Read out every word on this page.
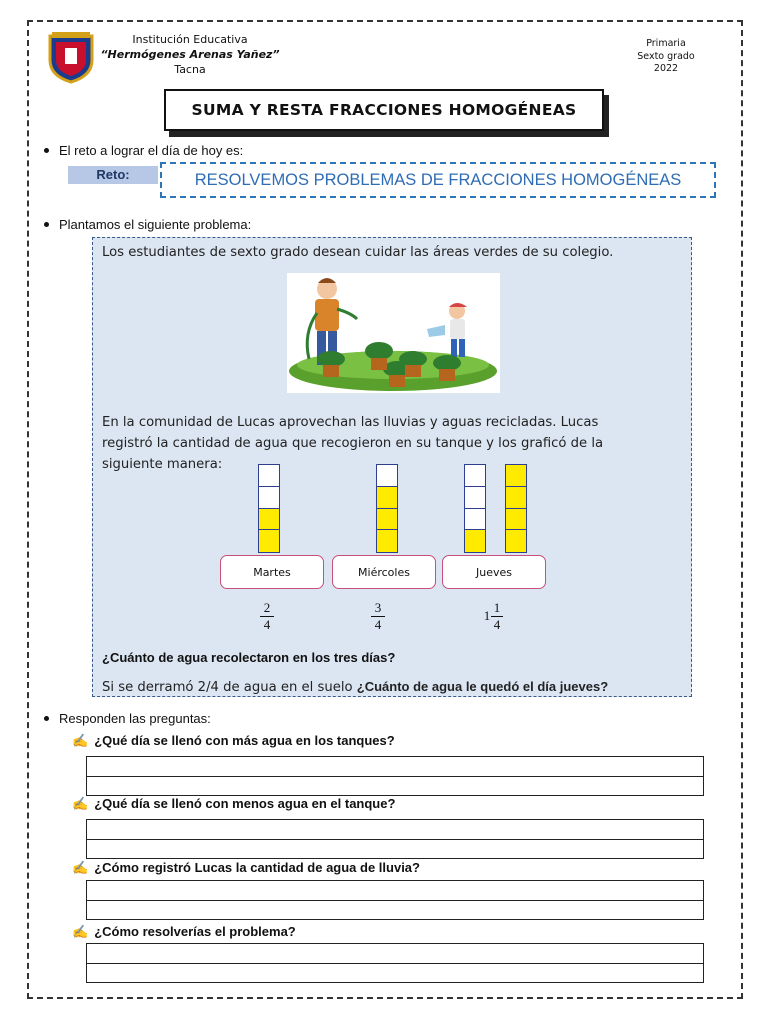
Institución Educativa
“Hermógenes Arenas Yañez”
Tacna
Primaria
Sexto grado
2022
SUMA Y RESTA FRACCIONES HOMOGÉNEAS
El reto a lograr el día de hoy es:
Reto:	RESOLVEMOS PROBLEMAS DE FRACCIONES HOMOGÉNEAS
Plantamos el siguiente problema:
Los estudiantes de sexto grado desean cuidar las áreas verdes de su colegio.
En la comunidad de Lucas aprovechan las lluvias y aguas recicladas. Lucas
registró la cantidad de agua que recogieron en su tanque y los graficó de la
siguiente manera:
Martes	Miércoles	Jueves
2
4
3
4
1
1
4
¿Cuánto de agua recolectaron en los tres días?
Si se derramó 2/4 de agua en el suelo ¿Cuánto de agua le quedó el día jueves?
Responden las preguntas:
✍ ¿Qué día se llenó con más agua en los tanques?
✍ ¿Qué día se llenó con menos agua en el tanque?
✍ ¿Cómo registró Lucas la cantidad de agua de lluvia?
✍ ¿Cómo resolverías el problema?
